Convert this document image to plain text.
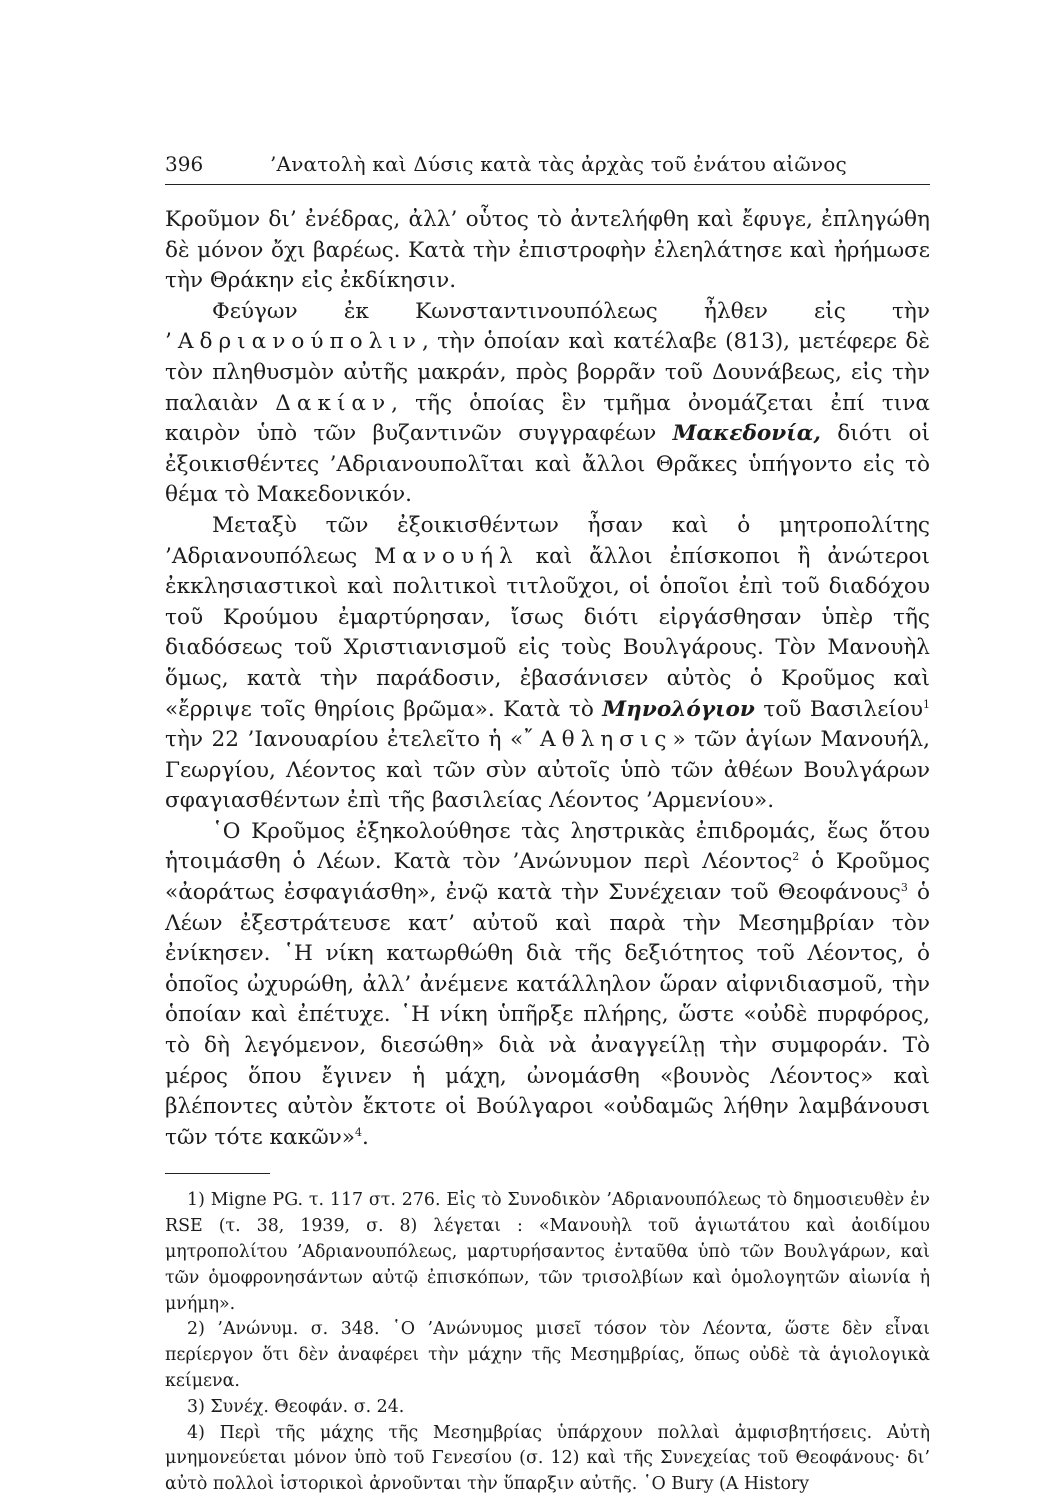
396	’Ανατολὴ καὶ Δύσις κατὰ τὰς ἀρχὰς τοῦ ἐνάτου αἰῶνος

Κροῦμον δι’ ἐνέδρας, ἀλλ’ οὗτος τὸ ἀντελήφθη καὶ ἔφυγε, ἐπληγώθη δὲ μόνον ὄχι βαρέως. Κατὰ τὴν ἐπιστροφὴν ἐλεηλάτησε καὶ ἠρήμωσε τὴν Θράκην εἰς ἐκδίκησιν.

Φεύγων ἐκ Κωνσταντινουπόλεως ἦλθεν εἰς τὴν ’Αδριανούπολιν, τὴν ὁποίαν καὶ κατέλαβε (813), μετέφερε δὲ τὸν πληθυσμὸν αὐτῆς μακράν, πρὸς βορρᾶν τοῦ Δουνάβεως, εἰς τὴν παλαιὰν Δακίαν, τῆς ὁποίας ἓν τμῆμα ὀνομάζεται ἐπί τινα καιρὸν ὑπὸ τῶν βυζαντινῶν συγγραφέων Μακεδονία, διότι οἱ ἐξοικισθέντες ’Αδριανουπολῖται καὶ ἄλλοι Θρᾶκες ὑπήγοντο εἰς τὸ θέμα τὸ Μακεδονικόν.

Μεταξὺ τῶν ἐξοικισθέντων ἦσαν καὶ ὁ μητροπολίτης ’Αδριανουπόλεως Μανουήλ καὶ ἄλλοι ἐπίσκοποι ἢ ἀνώτεροι ἐκκλησιαστικοὶ καὶ πολιτικοὶ τιτλοῦχοι, οἱ ὁποῖοι ἐπὶ τοῦ διαδόχου τοῦ Κρούμου ἐμαρτύρησαν, ἴσως διότι εἰργάσθησαν ὑπὲρ τῆς διαδόσεως τοῦ Χριστιανισμοῦ εἰς τοὺς Βουλγάρους. Τὸν Μανουὴλ ὅμως, κατὰ τὴν παράδοσιν, ἐβασάνισεν αὐτὸς ὁ Κροῦμος καὶ «ἔρριψε τοῖς θηρίοις βρῶμα». Κατὰ τὸ Μηνολόγιον τοῦ Βασιλείου$^1$ τὴν 22 ’Ιανουαρίου ἐτελεῖτο ἡ «῎Αθλησις» τῶν ἁγίων Μανουήλ, Γεωργίου, Λέοντος καὶ τῶν σὺν αὐτοῖς ὑπὸ τῶν ἀθέων Βουλγάρων σφαγιασθέντων ἐπὶ τῆς βασιλείας Λέοντος ’Αρμενίου».

῾Ο Κροῦμος ἐξηκολούθησε τὰς ληστρικὰς ἐπιδρομάς, ἕως ὅτου ἡτοιμάσθη ὁ Λέων. Κατὰ τὸν ’Ανώνυμον περὶ Λέοντος$^2$ ὁ Κροῦμος «ἀοράτως ἐσφαγιάσθη», ἐνῷ κατὰ τὴν Συνέχειαν τοῦ Θεοφάνους$^3$ ὁ Λέων ἐξεστράτευσε κατ’ αὐτοῦ καὶ παρὰ τὴν Μεσημβρίαν τὸν ἐνίκησεν. ῾Η νίκη κατωρθώθη διὰ τῆς δεξιότητος τοῦ Λέοντος, ὁ ὁποῖος ὠχυρώθη, ἀλλ’ ἀνέμενε κατάλληλον ὥραν αἰφνιδιασμοῦ, τὴν ὁποίαν καὶ ἐπέτυχε. ῾Η νίκη ὑπῆρξε πλήρης, ὥστε «οὐδὲ πυρφόρος, τὸ δὴ λεγόμενον, διεσώθη» διὰ νὰ ἀναγγείλῃ τὴν συμφοράν. Τὸ μέρος ὅπου ἔγινεν ἡ μάχη, ὠνομάσθη «βουνὸς Λέοντος» καὶ βλέποντες αὐτὸν ἔκτοτε οἱ Βούλγαροι «οὐδαμῶς λήθην λαμβάνουσι τῶν τότε κακῶν»$^4$.

1) Migne PG. τ. 117 στ. 276. Εἰς τὸ Συνοδικὸν ’Αδριανουπόλεως τὸ δημοσιευθὲν ἐν RSE (τ. 38, 1939, σ. 8) λέγεται : «Μανουὴλ τοῦ ἁγιωτάτου καὶ ἀοιδίμου μητροπολίτου ’Αδριανουπόλεως, μαρτυρήσαντος ἐνταῦθα ὑπὸ τῶν Βουλγάρων, καὶ τῶν ὁμοφρονησάντων αὐτῷ ἐπισκόπων, τῶν τρισολβίων καὶ ὁμολογητῶν αἰωνία ἡ μνήμη».

2) ’Ανώνυμ. σ. 348. ῾Ο ’Ανώνυμος μισεῖ τόσον τὸν Λέοντα, ὥστε δὲν εἶναι περίεργον ὅτι δὲν ἀναφέρει τὴν μάχην τῆς Μεσημβρίας, ὅπως οὐδὲ τὰ ἁγιολογικὰ κείμενα.

3) Συνέχ. Θεοφάν. σ. 24.

4) Περὶ τῆς μάχης τῆς Μεσημβρίας ὑπάρχουν πολλαὶ ἀμφισβητήσεις. Αὐτὴ μνημονεύεται μόνον ὑπὸ τοῦ Γενεσίου (σ. 12) καὶ τῆς Συνεχείας τοῦ Θεοφάνους· δι’ αὐτὸ πολλοὶ ἱστορικοὶ ἀρνοῦνται τὴν ὕπαρξιν αὐτῆς. ῾Ο Bury (A History
